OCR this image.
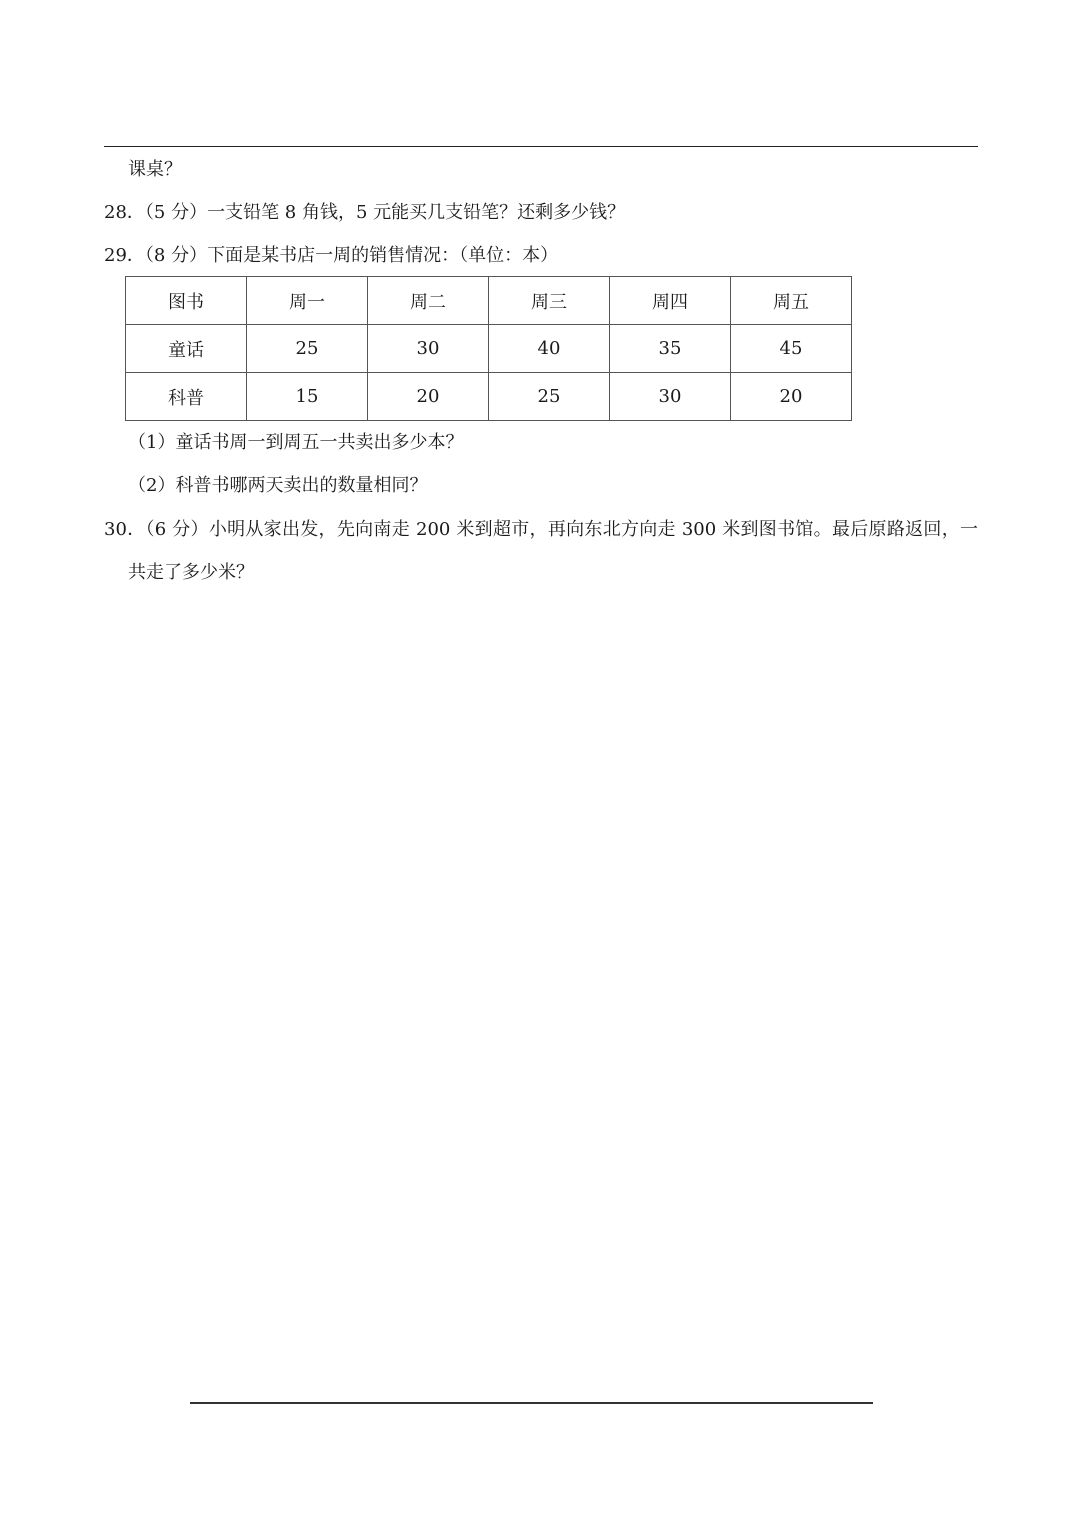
课桌？
28．（5 分）一支铅笔 8 角钱，5 元能买几支铅笔？还剩多少钱？
29．（8 分）下面是某书店一周的销售情况：（单位：本）
图书	周一	周二	周三	周四	周五
童话	25	30	40	35	45
科普	15	20	25	30	20
（1）童话书周一到周五一共卖出多少本？
（2）科普书哪两天卖出的数量相同？
30．（6 分）小明从家出发，先向南走 200 米到超市，再向东北方向走 300 米到图书馆。最后原路返回，一
共走了多少米？
